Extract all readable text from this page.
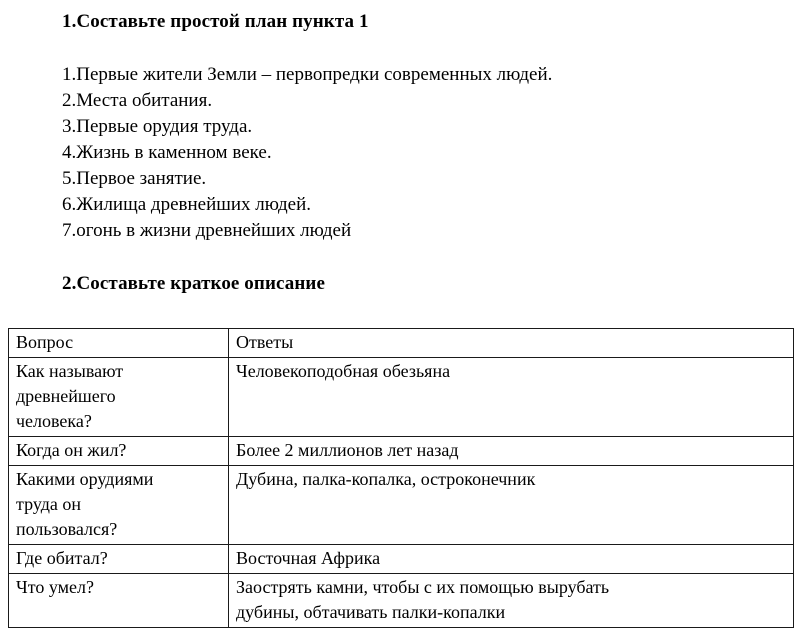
1.Составьте простой план пункта 1
1.Первые жители Земли – первопредки современных людей.
2.Места обитания.
3.Первые орудия труда.
4.Жизнь в каменном веке.
5.Первое занятие.
6.Жилища древнейших людей.
7.огонь в жизни древнейших людей
2.Составьте краткое описание
Вопрос	Ответы

Как называют
древнейшего
человека?	Человекоподобная обезьяна

Когда он жил?	Более 2 миллионов лет назад

Какими орудиями
труда он
пользовался?	Дубина, палка-копалка, остроконечник

Где обитал?	Восточная Африка

Что умел?	Заострять камни, чтобы с их помощью вырубать
дубины, обтачивать палки-копалки
